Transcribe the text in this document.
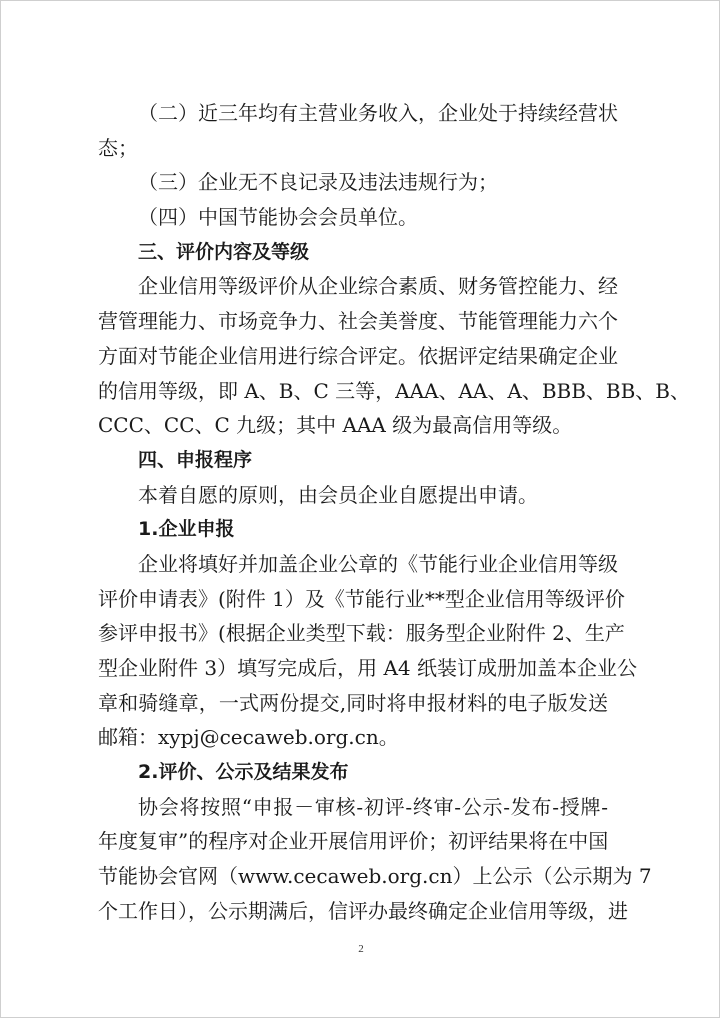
（二）近三年均有主营业务收入，企业处于持续经营状
态；
（三）企业无不良记录及违法违规行为；
（四）中国节能协会会员单位。
三、评价内容及等级
企业信用等级评价从企业综合素质、财务管控能力、经
营管理能力、市场竞争力、社会美誉度、节能管理能力六个
方面对节能企业信用进行综合评定。依据评定结果确定企业
的信用等级，即 A、B、C 三等，AAA、AA、A、BBB、BB、B、
CCC、CC、C 九级；其中 AAA 级为最高信用等级。
四、申报程序
本着自愿的原则，由会员企业自愿提出申请。
1.企业申报
企业将填好并加盖企业公章的《节能行业企业信用等级
评价申请表》(附件 1）及《节能行业**型企业信用等级评价
参评申报书》(根据企业类型下载：服务型企业附件 2、生产
型企业附件 3）填写完成后，用 A4 纸装订成册加盖本企业公
章和骑缝章，一式两份提交,同时将申报材料的电子版发送
邮箱：xypj@cecaweb.org.cn。
2.评价、公示及结果发布
协会将按照“申报－审核-初评-终审-公示-发布-授牌-
年度复审”的程序对企业开展信用评价；初评结果将在中国
节能协会官网（www.cecaweb.org.cn）上公示（公示期为 7
个工作日），公示期满后，信评办最终确定企业信用等级，进
2
